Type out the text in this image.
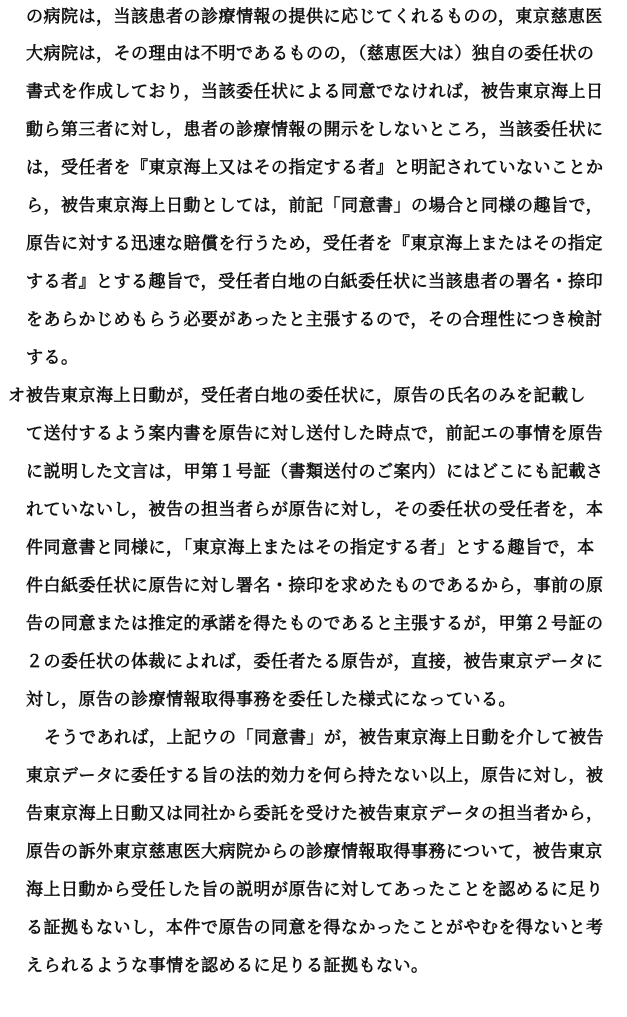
の病院は，当該患者の診療情報の提供に応じてくれるものの，東京慈恵医
大病院は，その理由は不明であるものの，（慈恵医大は）独自の委任状の
書式を作成しており，当該委任状による同意でなければ，被告東京海上日
動ら第三者に対し，患者の診療情報の開示をしないところ，当該委任状に
は，受任者を『東京海上又はその指定する者』と明記されていないことか
ら，被告東京海上日動としては，前記「同意書」の場合と同様の趣旨で，
原告に対する迅速な賠償を行うため，受任者を『東京海上またはその指定
する者』とする趣旨で，受任者白地の白紙委任状に当該患者の署名・捺印
をあらかじめもらう必要があったと主張するので，その合理性につき検討
する。
オ被告東京海上日動が，受任者白地の委任状に，原告の氏名のみを記載し
て送付するよう案内書を原告に対し送付した時点で，前記エの事情を原告
に説明した文言は，甲第１号証（書類送付のご案内）にはどこにも記載さ
れていないし，被告の担当者らが原告に対し，その委任状の受任者を，本
件同意書と同様に，「東京海上またはその指定する者」とする趣旨で，本
件白紙委任状に原告に対し署名・捺印を求めたものであるから，事前の原
告の同意または推定的承諾を得たものであると主張するが，甲第２号証の
２の委任状の体裁によれば，委任者たる原告が，直接，被告東京データに
対し，原告の診療情報取得事務を委任した様式になっている。
そうであれば，上記ウの「同意書」が，被告東京海上日動を介して被告
東京データに委任する旨の法的効力を何ら持たない以上，原告に対し，被
告東京海上日動又は同社から委託を受けた被告東京データの担当者から，
原告の訴外東京慈恵医大病院からの診療情報取得事務について，被告東京
海上日動から受任した旨の説明が原告に対してあったことを認めるに足り
る証拠もないし，本件で原告の同意を得なかったことがやむを得ないと考
えられるような事情を認めるに足りる証拠もない。
